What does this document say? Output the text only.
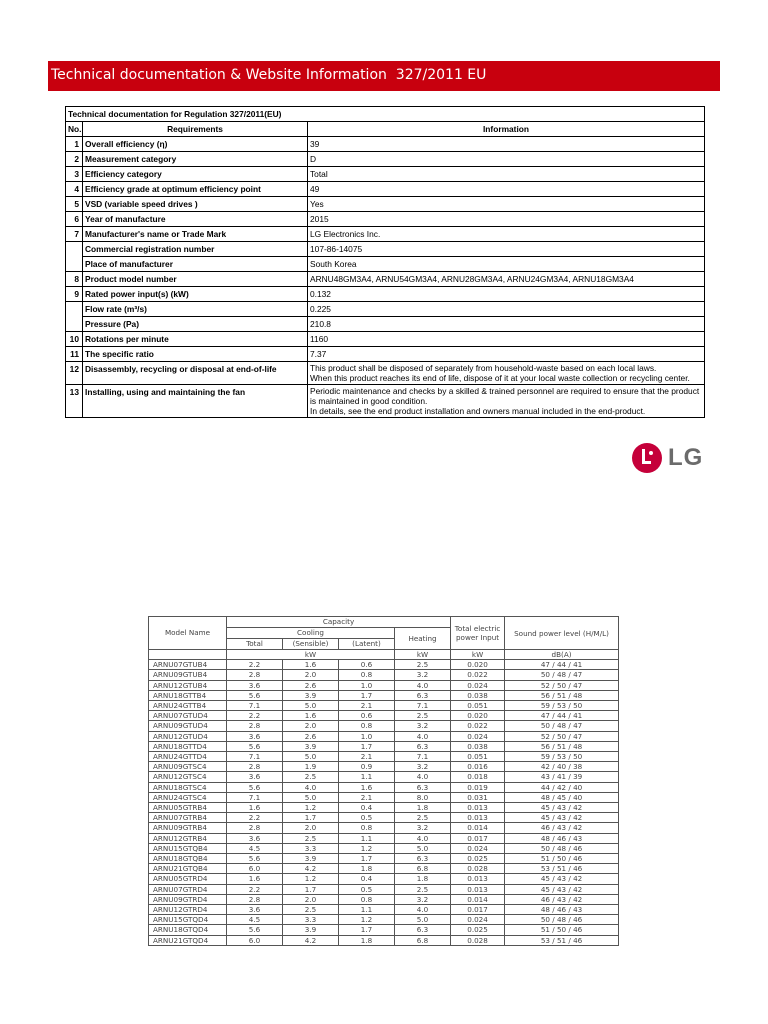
Technical documentation & Website Information  327/2011 EU
Technical documentation for Regulation 327/2011(EU)		
No.	Requirements	Information
1	Overall efficiency (η)	39
2	Measurement category	D
3	Efficiency category	Total
4	Efficiency grade at optimum efficiency point	49
5	VSD (variable speed drives )	Yes
6	Year of manufacture	2015
7	Manufacturer's name or Trade Mark	LG Electronics Inc.
	Commercial registration number	107-86-14075
	Place of manufacturer	South Korea
8	Product model number	ARNU48GM3A4, ARNU54GM3A4, ARNU28GM3A4, ARNU24GM3A4, ARNU18GM3A4
9	Rated power input(s) (kW)	0.132
	Flow rate (m³/s)	0.225
	Pressure (Pa)	210.8
10	Rotations per minute	1160
11	The specific ratio	7.37
12	Disassembly, recycling or disposal at end-of-life	This product shall be disposed of separately from household-waste based on each local laws.
When this product reaches its end of life, dispose of it at your local waste collection or recycling center.
13	Installing, using and maintaining the fan	Periodic maintenance and checks by a skilled & trained personnel are required to ensure that the product is maintained in good condition.
In details, see the end product installation and owners manual included in the end-product.
LG
Model Name	Capacity				Total electric power Input	Sound power level (H/M/L)
	Cooling			Heating		
	Total	(Sensible)	(Latent)			
	kW			kW	kW	dB(A)
ARNU07GTUB4	2.2	1.6	0.6	2.5	0.020	47 / 44 / 41
ARNU09GTUB4	2.8	2.0	0.8	3.2	0.022	50 / 48 / 47
ARNU12GTUB4	3.6	2.6	1.0	4.0	0.024	52 / 50 / 47
ARNU18GTTB4	5.6	3.9	1.7	6.3	0.038	56 / 51 / 48
ARNU24GTTB4	7.1	5.0	2.1	7.1	0.051	59 / 53 / 50
ARNU07GTUD4	2.2	1.6	0.6	2.5	0.020	47 / 44 / 41
ARNU09GTUD4	2.8	2.0	0.8	3.2	0.022	50 / 48 / 47
ARNU12GTUD4	3.6	2.6	1.0	4.0	0.024	52 / 50 / 47
ARNU18GTTD4	5.6	3.9	1.7	6.3	0.038	56 / 51 / 48
ARNU24GTTD4	7.1	5.0	2.1	7.1	0.051	59 / 53 / 50
ARNU09GTSC4	2.8	1.9	0.9	3.2	0.016	42 / 40 / 38
ARNU12GTSC4	3.6	2.5	1.1	4.0	0.018	43 / 41 / 39
ARNU18GTSC4	5.6	4.0	1.6	6.3	0.019	44 / 42 / 40
ARNU24GTSC4	7.1	5.0	2.1	8.0	0.031	48 / 45 / 40
ARNU05GTRB4	1.6	1.2	0.4	1.8	0.013	45 / 43 / 42
ARNU07GTRB4	2.2	1.7	0.5	2.5	0.013	45 / 43 / 42
ARNU09GTRB4	2.8	2.0	0.8	3.2	0.014	46 / 43 / 42
ARNU12GTRB4	3.6	2.5	1.1	4.0	0.017	48 / 46 / 43
ARNU15GTQB4	4.5	3.3	1.2	5.0	0.024	50 / 48 / 46
ARNU18GTQB4	5.6	3.9	1.7	6.3	0.025	51 / 50 / 46
ARNU21GTQB4	6.0	4.2	1.8	6.8	0.028	53 / 51 / 46
ARNU05GTRD4	1.6	1.2	0.4	1.8	0.013	45 / 43 / 42
ARNU07GTRD4	2.2	1.7	0.5	2.5	0.013	45 / 43 / 42
ARNU09GTRD4	2.8	2.0	0.8	3.2	0.014	46 / 43 / 42
ARNU12GTRD4	3.6	2.5	1.1	4.0	0.017	48 / 46 / 43
ARNU15GTQD4	4.5	3.3	1.2	5.0	0.024	50 / 48 / 46
ARNU18GTQD4	5.6	3.9	1.7	6.3	0.025	51 / 50 / 46
ARNU21GTQD4	6.0	4.2	1.8	6.8	0.028	53 / 51 / 46
